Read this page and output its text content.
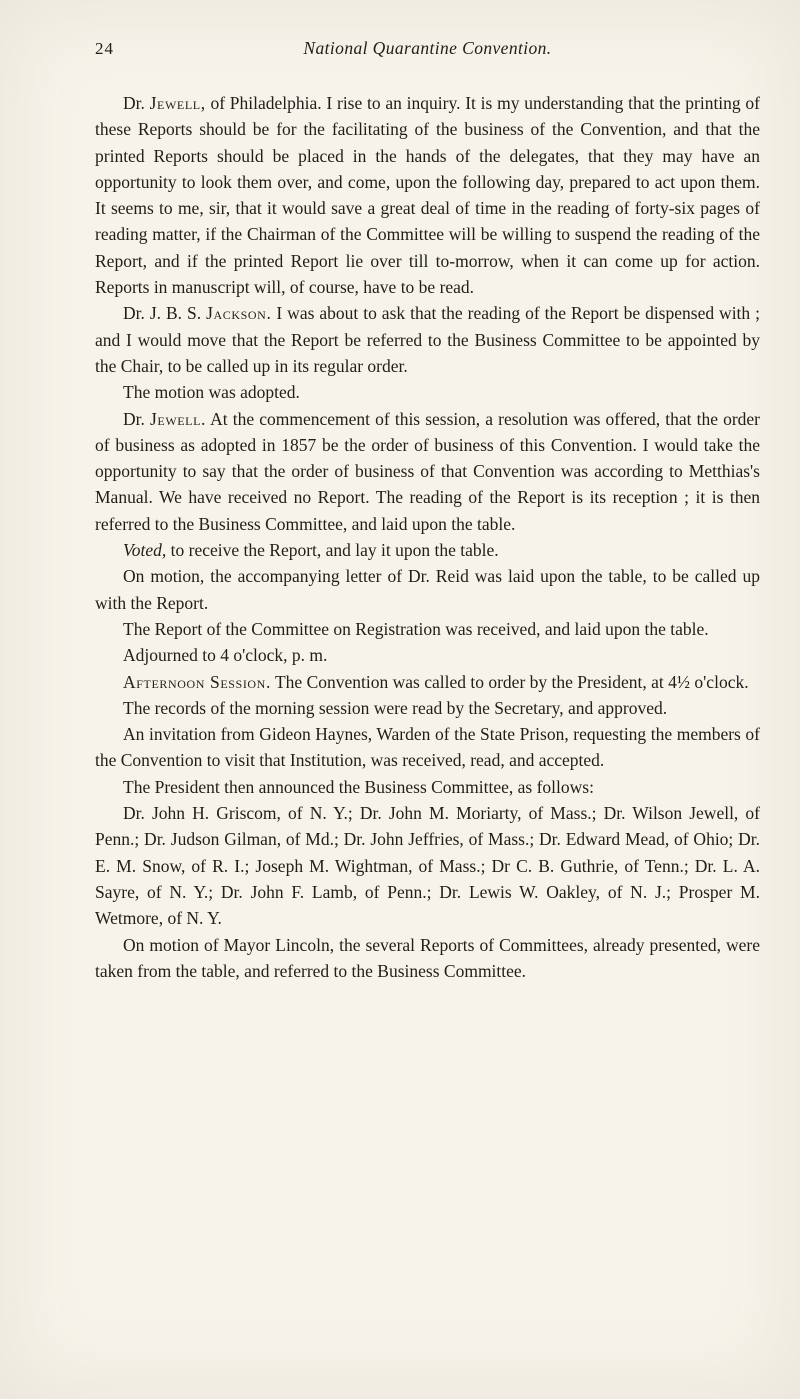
24	National Quarantine Convention.

Dr. Jewell, of Philadelphia. I rise to an inquiry. It is my understanding that the printing of these Reports should be for the facilitating of the business of the Convention, and that the printed Reports should be placed in the hands of the delegates, that they may have an opportunity to look them over, and come, upon the following day, prepared to act upon them. It seems to me, sir, that it would save a great deal of time in the reading of forty-six pages of reading matter, if the Chairman of the Committee will be willing to suspend the reading of the Report, and if the printed Report lie over till to-morrow, when it can come up for action. Reports in manuscript will, of course, have to be read.

Dr. J. B. S. Jackson. I was about to ask that the reading of the Report be dispensed with ; and I would move that the Report be referred to the Business Committee to be appointed by the Chair, to be called up in its regular order.

The motion was adopted.

Dr. Jewell. At the commencement of this session, a resolution was offered, that the order of business as adopted in 1857 be the order of business of this Convention. I would take the opportunity to say that the order of business of that Convention was according to Metthias's Manual. We have received no Report. The reading of the Report is its reception ; it is then referred to the Business Committee, and laid upon the table.

Voted, to receive the Report, and lay it upon the table.

On motion, the accompanying letter of Dr. Reid was laid upon the table, to be called up with the Report.

The Report of the Committee on Registration was received, and laid upon the table.

Adjourned to 4 o'clock, p. m.

Afternoon Session. The Convention was called to order by the President, at 4½ o'clock.

The records of the morning session were read by the Secretary, and approved.

An invitation from Gideon Haynes, Warden of the State Prison, requesting the members of the Convention to visit that Institution, was received, read, and accepted.

The President then announced the Business Committee, as follows:

Dr. John H. Griscom, of N. Y.; Dr. John M. Moriarty, of Mass.; Dr. Wilson Jewell, of Penn.; Dr. Judson Gilman, of Md.; Dr. John Jeffries, of Mass.; Dr. Edward Mead, of Ohio; Dr. E. M. Snow, of R. I.; Joseph M. Wightman, of Mass.; Dr C. B. Guthrie, of Tenn.; Dr. L. A. Sayre, of N. Y.; Dr. John F. Lamb, of Penn.; Dr. Lewis W. Oakley, of N. J.; Prosper M. Wetmore, of N. Y.

On motion of Mayor Lincoln, the several Reports of Committees, already presented, were taken from the table, and referred to the Business Committee.
